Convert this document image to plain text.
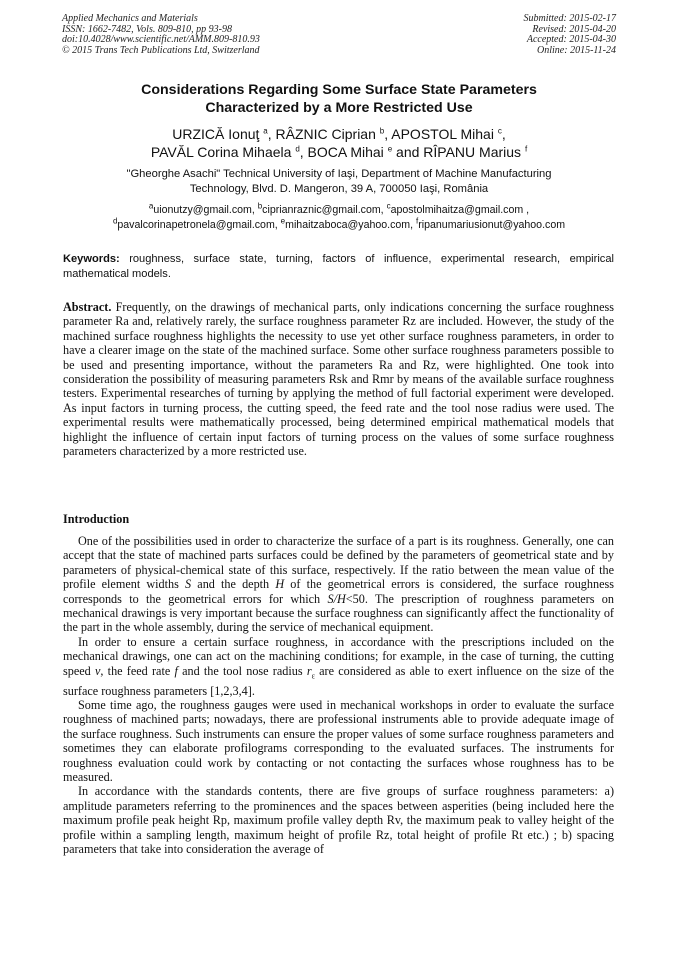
Applied Mechanics and Materials
ISSN: 1662-7482, Vols. 809-810, pp 93-98
doi:10.4028/www.scientific.net/AMM.809-810.93
© 2015 Trans Tech Publications Ltd, Switzerland
Submitted: 2015-02-17
Revised: 2015-04-20
Accepted: 2015-04-30
Online: 2015-11-24
Considerations Regarding Some Surface State Parameters
Characterized by a More Restricted Use
URZICĂ Ionuţ $^a$, RÂZNIC Ciprian $^b$, APOSTOL Mihai $^c$,
PAVĂL Corina Mihaela $^d$, BOCA Mihai $^e$ and RÎPANU Marius $^f$
"Gheorghe Asachi" Technical University of Iaşi, Department of Machine Manufacturing
Technology, Blvd. D. Mangeron, 39 A, 700050 Iaşi, România
$^a$uionutzy@gmail.com, $^b$ciprianraznic@gmail.com, $^c$apostolmihaitza@gmail.com ,
$^d$pavalcorinapetronela@gmail.com, $^e$mihaitzaboca@yahoo.com, $^f$ripanumariusionut@yahoo.com
Keywords: roughness, surface state, turning, factors of influence, experimental research, empirical mathematical models.
Abstract. Frequently, on the drawings of mechanical parts, only indications concerning the surface roughness parameter Ra and, relatively rarely, the surface roughness parameter Rz are included. However, the study of the machined surface roughness highlights the necessity to use yet other surface roughness parameters, in order to have a clearer image on the state of the machined surface. Some other surface roughness parameters possible to be used and presenting importance, without the parameters Ra and Rz, were highlighted. One took into consideration the possibility of measuring parameters Rsk and Rmr by means of the available surface roughness testers. Experimental researches of turning by applying the method of full factorial experiment were developed. As input factors in turning process, the cutting speed, the feed rate and the tool nose radius were used. The experimental results were mathematically processed, being determined empirical mathematical models that highlight the influence of certain input factors of turning process on the values of some surface roughness parameters characterized by a more restricted use.
Introduction

One of the possibilities used in order to characterize the surface of a part is its roughness. Generally, one can accept that the state of machined parts surfaces could be defined by the parameters of geometrical state and by parameters of physical-chemical state of this surface, respectively. If the ratio between the mean value of the profile element widths S and the depth H of the geometrical errors is considered, the surface roughness corresponds to the geometrical errors for which S/H<50. The prescription of roughness parameters on mechanical drawings is very important because the surface roughness can significantly affect the functionality of the part in the whole assembly, during the service of mechanical equipment.

In order to ensure a certain surface roughness, in accordance with the prescriptions included on the mechanical drawings, one can act on the machining conditions; for example, in the case of turning, the cutting speed v, the feed rate f and the tool nose radius $r_\varepsilon$ are considered as able to exert influence on the size of the surface roughness parameters [1,2,3,4].

Some time ago, the roughness gauges were used in mechanical workshops in order to evaluate the surface roughness of machined parts; nowadays, there are professional instruments able to provide adequate image of the surface roughness. Such instruments can ensure the proper values of some surface roughness parameters and sometimes they can elaborate profilograms corresponding to the evaluated surfaces. The instruments for roughness evaluation could work by contacting or not contacting the surfaces whose roughness has to be measured.

In accordance with the standards contents, there are five groups of surface roughness parameters: a) amplitude parameters referring to the prominences and the spaces between asperities (being included here the maximum profile peak height Rp, maximum profile valley depth Rv, the maximum peak to valley height of the profile within a sampling length, maximum height of profile Rz, total height of profile Rt etc.) ; b) spacing parameters that take into consideration the average of
